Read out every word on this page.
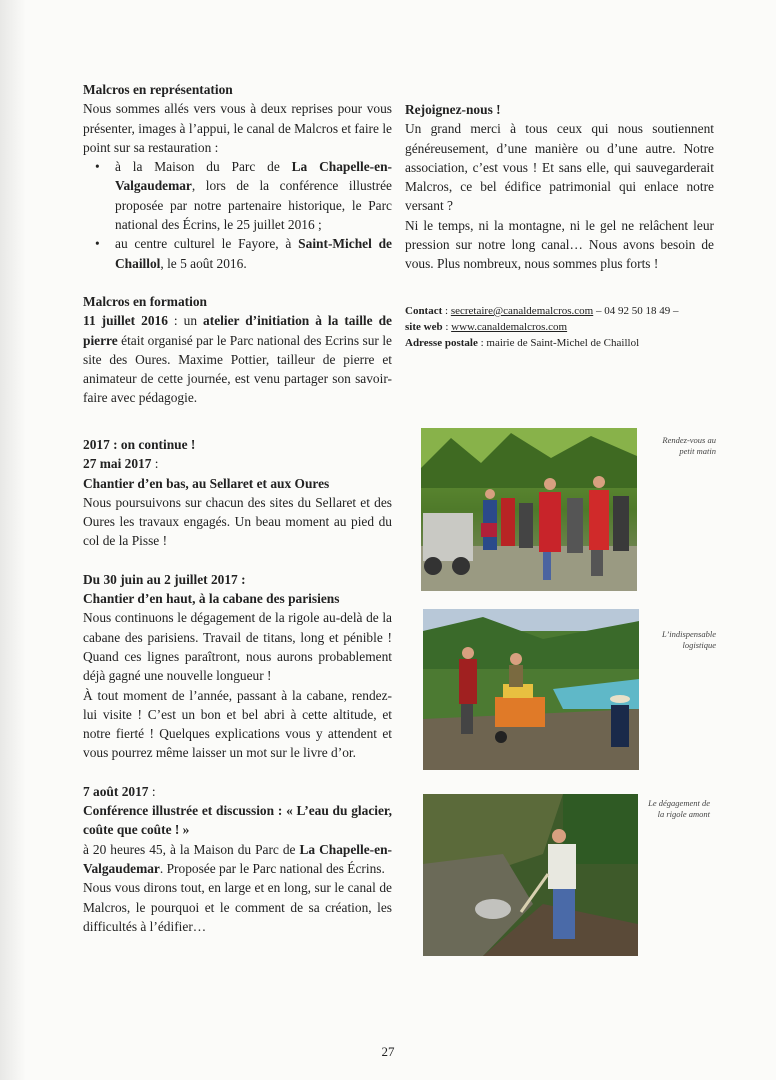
Malcros en représentation

Nous sommes allés vers vous à deux reprises pour vous présenter, images à l’appui, le canal de Malcros et faire le point sur sa restauration :

• à la Maison du Parc de La Chapelle-en-Valgaudemar, lors de la conférence illustrée proposée par notre partenaire historique, le Parc national des Écrins, le 25 juillet 2016 ;
• au centre culturel le Fayore, à Saint-Michel de Chaillol, le 5 août 2016.

Malcros en formation

11 juillet 2016 : un atelier d’initiation à la taille de pierre était organisé par le Parc national des Ecrins sur le site des Oures. Maxime Pottier, tailleur de pierre et animateur de cette journée, est venu partager son savoir-faire avec pédagogie.

2017 : on continue !

27 mai 2017 :

Chantier d’en bas, au Sellaret et aux Oures

Nous poursuivons sur chacun des sites du Sellaret et des Oures les travaux engagés. Un beau moment au pied du col de la Pisse !

Du 30 juin au 2 juillet 2017 :

Chantier d’en haut, à la cabane des parisiens

Nous continuons le dégagement de la rigole au-delà de la cabane des parisiens. Travail de titans, long et pénible ! Quand ces lignes paraîtront, nous aurons probablement déjà gagné une nouvelle longueur !

À tout moment de l’année, passant à la cabane, rendez-lui visite ! C’est un bon et bel abri à cette altitude, et notre fierté ! Quelques explications vous y attendent et vous pourrez même laisser un mot sur le livre d’or.

7 août 2017 :

Conférence illustrée et discussion : « L’eau du glacier, coûte que coûte ! »

à 20 heures 45, à la Maison du Parc de La Chapelle-en-Valgaudemar. Proposée par le Parc national des Écrins.

Nous vous dirons tout, en large et en long, sur le canal de Malcros, le pourquoi et le comment de sa création, les difficultés à l’édifier…

Rejoignez-nous !

Un grand merci à tous ceux qui nous soutiennent généreusement, d’une manière ou d’une autre. Notre association, c’est vous ! Et sans elle, qui sauvegarderait Malcros, ce bel édifice patrimonial qui enlace notre versant ?

Ni le temps, ni la montagne, ni le gel ne relâchent leur pression sur notre long canal… Nous avons besoin de vous. Plus nombreux, nous sommes plus forts !

Contact : secretaire@canaldemalcros.com – 04 92 50 18 49 –

site web : www.canaldemalcros.com

Adresse postale : mairie de Saint-Michel de Chaillol

Rendez-vous au petit matin
L’indispensable logistique
Le dégagement de la rigole amont
27
